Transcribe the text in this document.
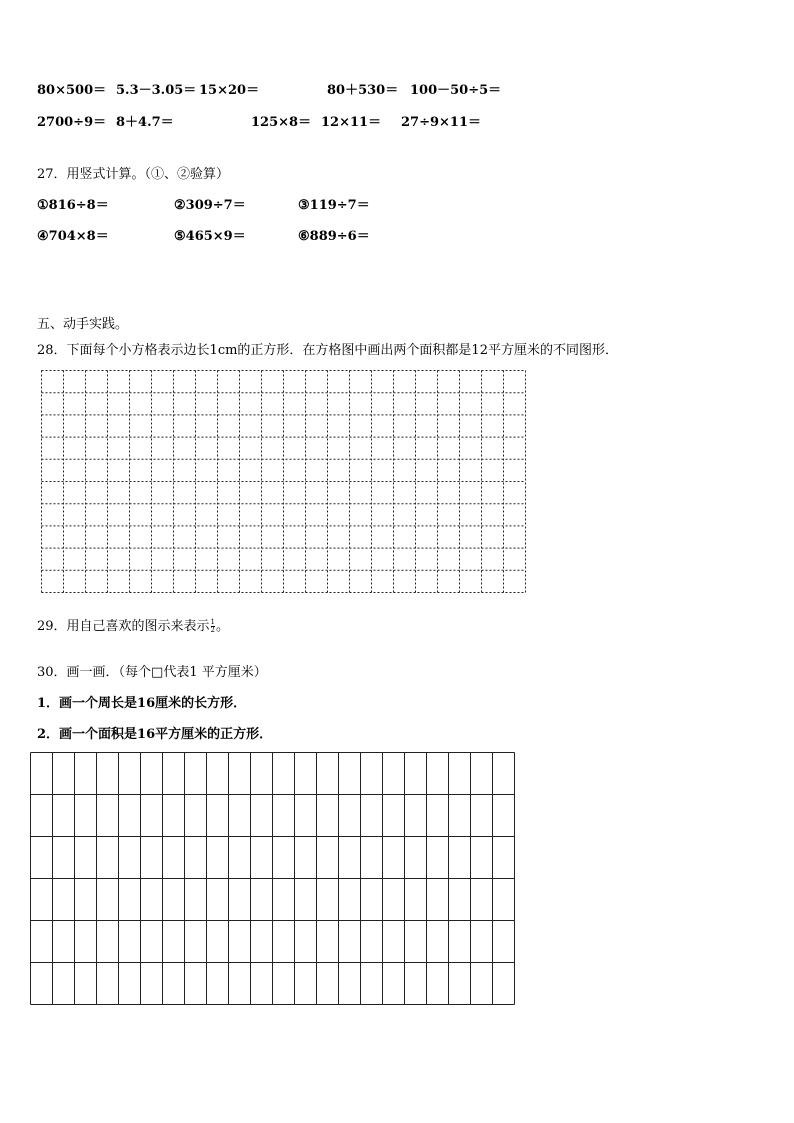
80×500＝ 5.3－3.05＝ 15×20＝	80＋530＝ 100－50÷5＝
2700÷9＝ 8＋4.7＝	125×8＝ 12×11＝ 27÷9×11＝
27．用竖式计算。（①、②验算）
①816÷8＝	②309÷7＝	③119÷7＝
④704×8＝	⑤465×9＝	⑥889÷6＝
五、动手实践。
28．下面每个小方格表示边长1cm的正方形．在方格图中画出两个面积都是12平方厘米的不同图形．
29．用自己喜欢的图示来表示 $\frac{1}{2}$ 。
30．画一画．（每个□代表1 平方厘米）
1．画一个周长是16厘米的长方形．
2．画一个面积是16平方厘米的正方形．
